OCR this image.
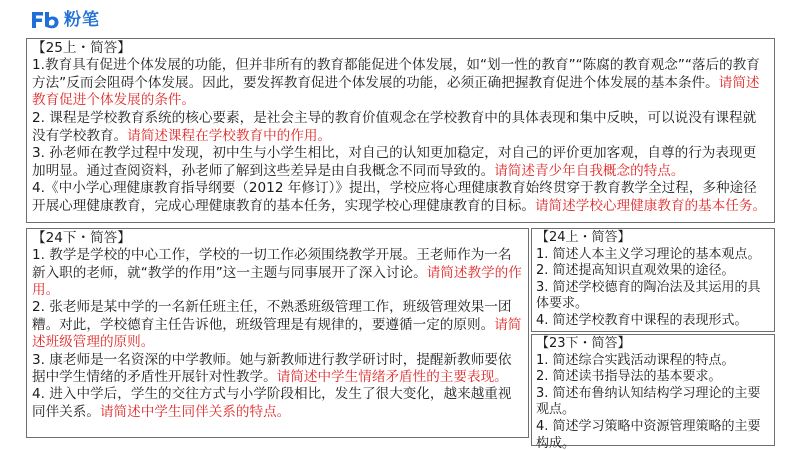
粉笔
【25上・简答】

1.教育具有促进个体发展的功能，但并非所有的教育都能促进个体发展，如“划一性的教育”“陈腐的教育观念”“落后的教育方法”反而会阻碍个体发展。因此，要发挥教育促进个体发展的功能，必须正确把握教育促进个体发展的基本条件。请简述教育促进个体发展的条件。

2. 课程是学校教育系统的核心要素，是社会主导的教育价值观念在学校教育中的具体表现和集中反映，可以说没有课程就没有学校教育。请简述课程在学校教育中的作用。

3. 孙老师在教学过程中发现，初中生与小学生相比，对自己的认知更加稳定，对自己的评价更加客观，自尊的行为表现更加明显。通过查阅资料，孙老师了解到这些差异是由自我概念不同而导致的。请简述青少年自我概念的特点。

4.《中小学心理健康教育指导纲要（2012 年修订）》提出，学校应将心理健康教育始终贯穿于教育教学全过程，多种途径开展心理健康教育，完成心理健康教育的基本任务，实现学校心理健康教育的目标。请简述学校心理健康教育的基本任务。

【24下・简答】

1. 教学是学校的中心工作，学校的一切工作必须围绕教学开展。王老师作为一名新入职的老师，就“教学的作用”这一主题与同事展开了深入讨论。请简述教学的作用。

2. 张老师是某中学的一名新任班主任，不熟悉班级管理工作，班级管理效果一团糟。对此，学校德育主任告诉他，班级管理是有规律的，要遵循一定的原则。请简述班级管理的原则。

3. 康老师是一名资深的中学教师。她与新教师进行教学研讨时，提醒新教师要依据中学生情绪的矛盾性开展针对性教学。请简述中学生情绪矛盾性的主要表现。

4. 进入中学后，学生的交往方式与小学阶段相比，发生了很大变化，越来越重视同伴关系。请简述中学生同伴关系的特点。

【24上・简答】

1. 简述人本主义学习理论的基本观点。

2. 简述提高知识直观效果的途径。

3. 简述学校德育的陶冶法及其运用的具体要求。

4. 简述学校教育中课程的表现形式。

【23下・简答】

1. 简述综合实践活动课程的特点。

2. 简述读书指导法的基本要求。

3. 简述布鲁纳认知结构学习理论的主要观点。

4. 简述学习策略中资源管理策略的主要构成。
